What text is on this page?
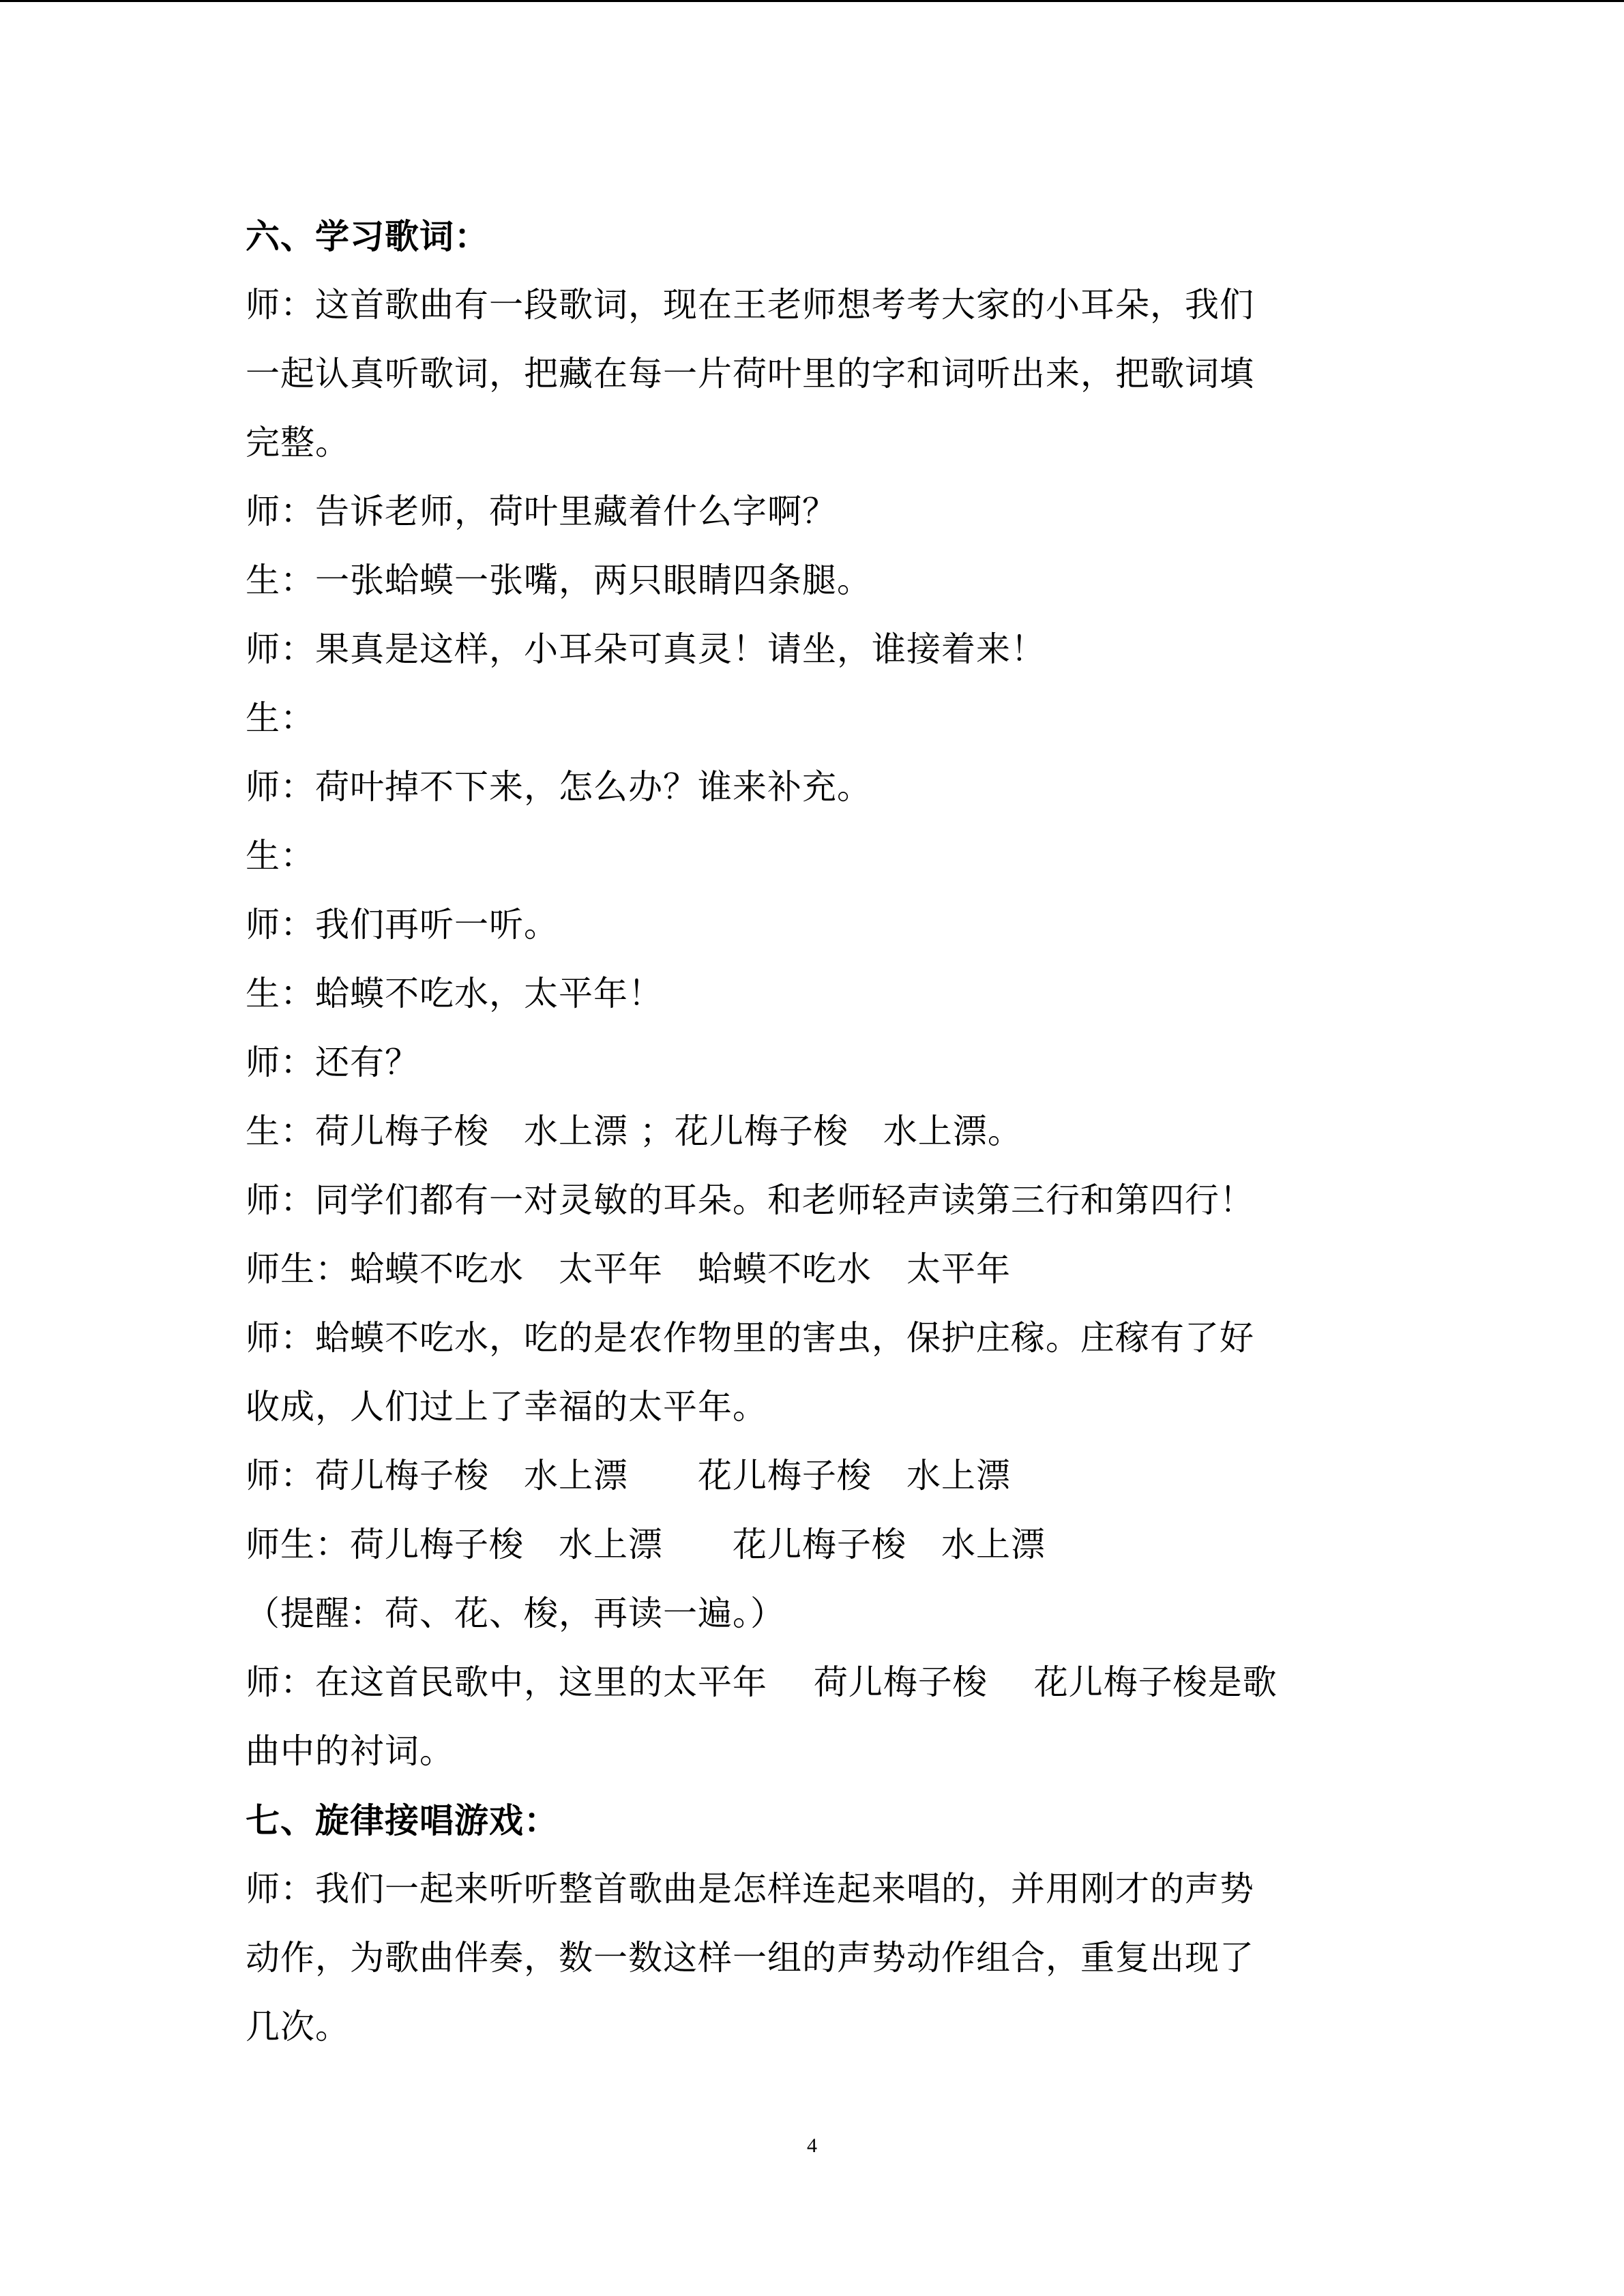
六、学习歌词：
师：这首歌曲有一段歌词，现在王老师想考考大家的小耳朵，我们
一起认真听歌词，把藏在每一片荷叶里的字和词听出来，把歌词填
完整。
师：告诉老师，荷叶里藏着什么字啊？
生：一张蛤蟆一张嘴，两只眼睛四条腿。
师：果真是这样，小耳朵可真灵！请坐，谁接着来！
生：
师：荷叶掉不下来，怎么办？谁来补充。
生：
师：我们再听一听。
生：蛤蟆不吃水，太平年！
师：还有？
生：荷儿梅子梭　水上漂 ；花儿梅子梭　水上漂。
师：同学们都有一对灵敏的耳朵。和老师轻声读第三行和第四行！
师生：蛤蟆不吃水　太平年　蛤蟆不吃水　太平年
师：蛤蟆不吃水，吃的是农作物里的害虫，保护庄稼。庄稼有了好
收成，人们过上了幸福的太平年。
师：荷儿梅子梭　水上漂　　花儿梅子梭　水上漂
师生：荷儿梅子梭　水上漂　　花儿梅子梭　水上漂
（提醒：荷、花、梭，再读一遍。）
师：在这首民歌中，这里的太平年　 荷儿梅子梭　 花儿梅子梭是歌
曲中的衬词。
七、旋律接唱游戏：
师：我们一起来听听整首歌曲是怎样连起来唱的，并用刚才的声势
动作，为歌曲伴奏，数一数这样一组的声势动作组合，重复出现了
几次。
4
